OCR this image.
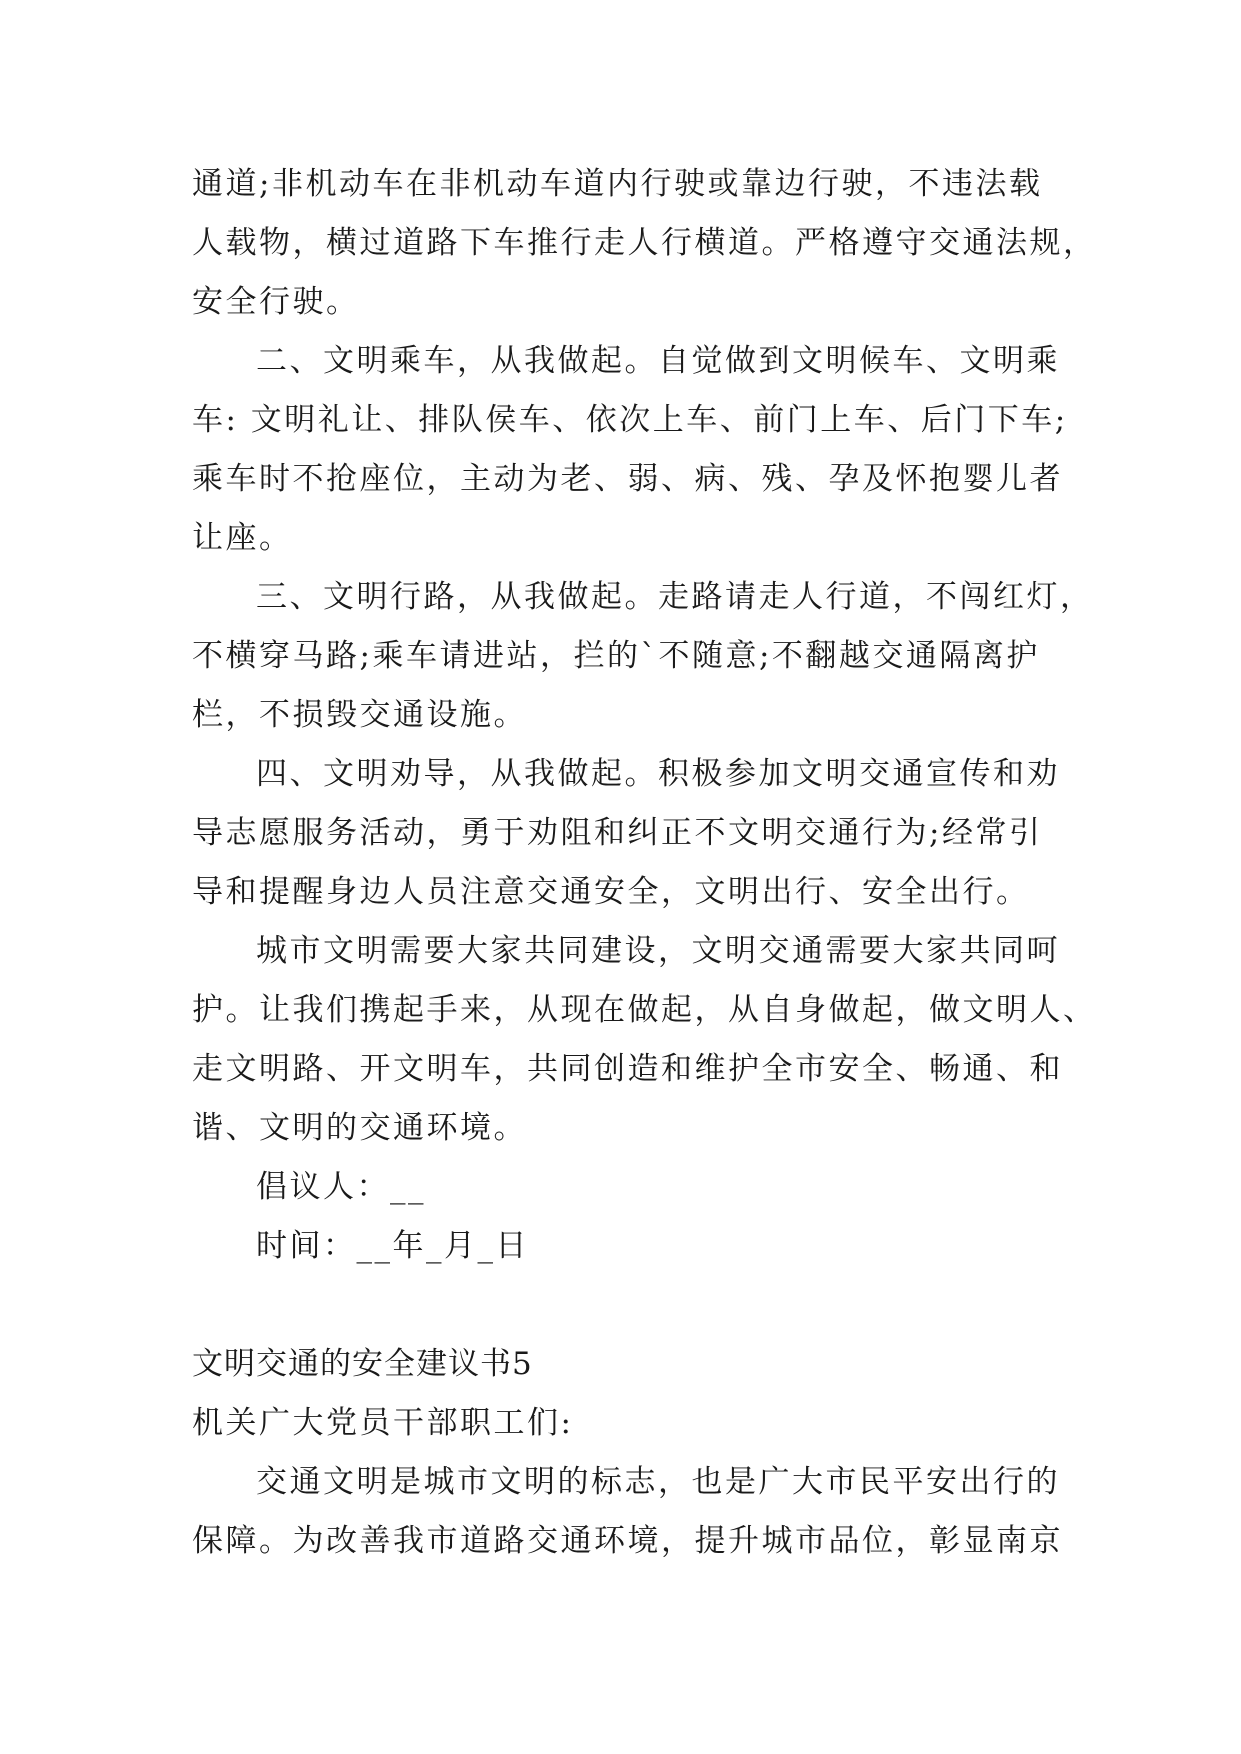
通道;非机动车在非机动车道内行驶或靠边行驶，不违法载
人载物，横过道路下车推行走人行横道。严格遵守交通法规，
安全行驶。
二、文明乘车，从我做起。自觉做到文明候车、文明乘
车: 文明礼让、排队侯车、依次上车、前门上车、后门下车;
乘车时不抢座位，主动为老、弱、病、残、孕及怀抱婴儿者
让座。
三、文明行路，从我做起。走路请走人行道，不闯红灯，
不横穿马路;乘车请进站，拦的`不随意;不翻越交通隔离护
栏，不损毁交通设施。
四、文明劝导，从我做起。积极参加文明交通宣传和劝
导志愿服务活动，勇于劝阻和纠正不文明交通行为;经常引
导和提醒身边人员注意交通安全，文明出行、安全出行。
城市文明需要大家共同建设，文明交通需要大家共同呵
护。让我们携起手来，从现在做起，从自身做起，做文明人、
走文明路、开文明车，共同创造和维护全市安全、畅通、和
谐、文明的交通环境。
倡议人：__
时间：__年_月_日
文明交通的安全建议书5
机关广大党员干部职工们:
交通文明是城市文明的标志，也是广大市民平安出行的
保障。为改善我市道路交通环境，提升城市品位，彰显南京
